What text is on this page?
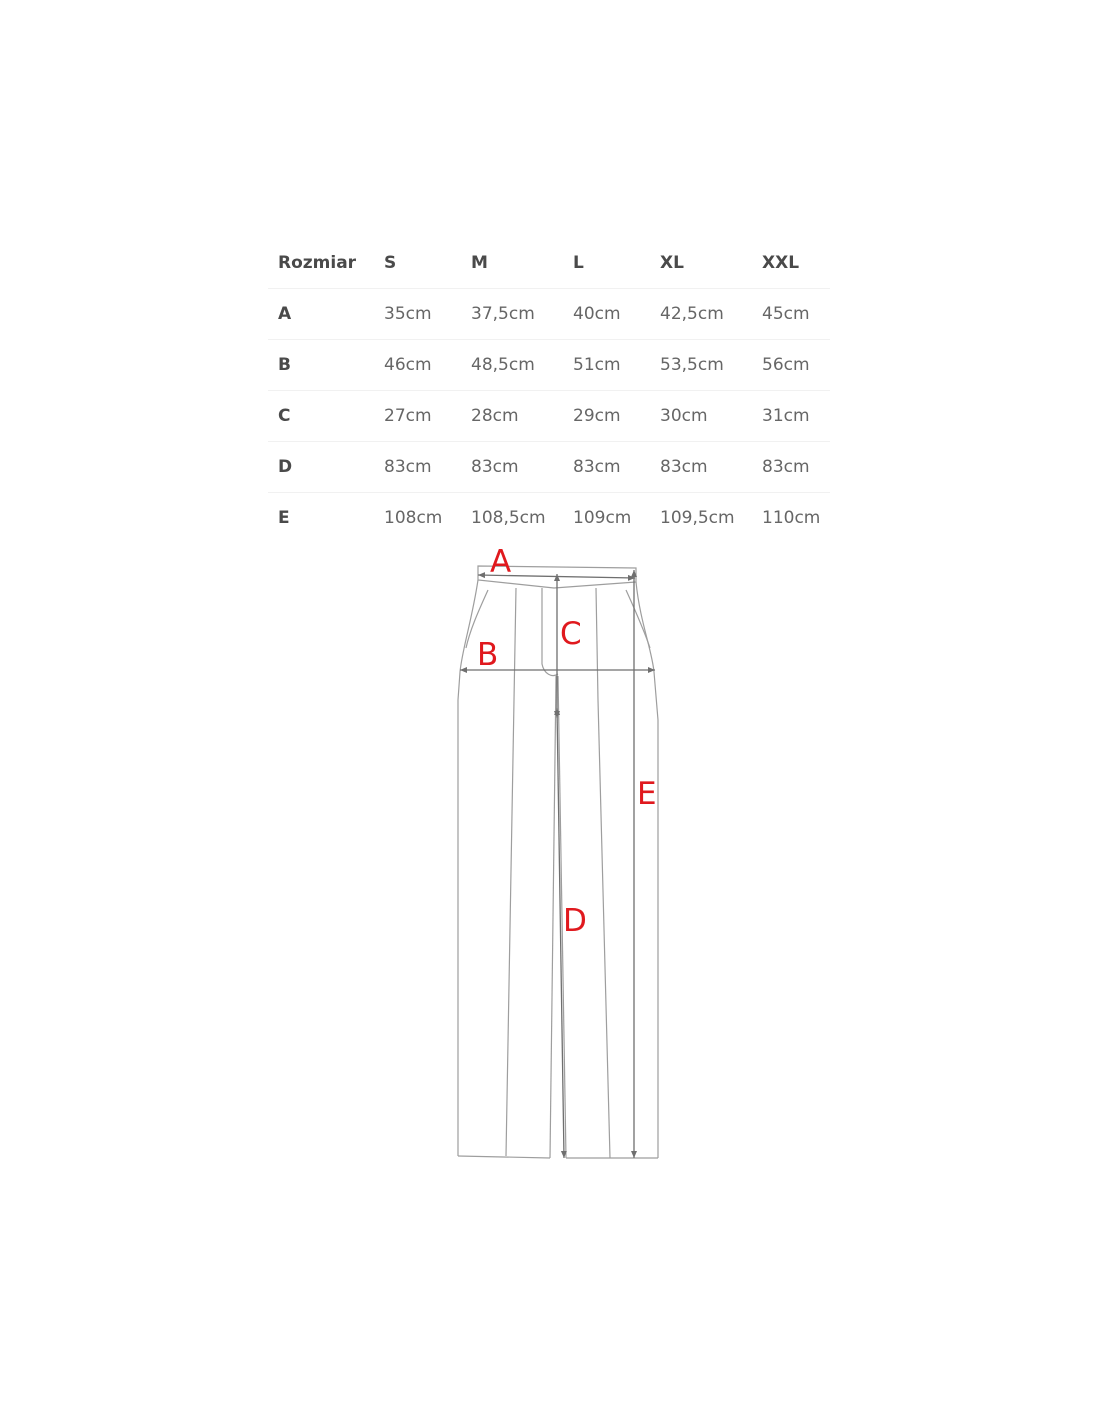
Rozmiar	S	M	L	XL	XXL
A	35cm	37,5cm	40cm	42,5cm	45cm
B	46cm	48,5cm	51cm	53,5cm	56cm
C	27cm	28cm	29cm	30cm	31cm
D	83cm	83cm	83cm	83cm	83cm
E	108cm	108,5cm	109cm	109,5cm	110cm
A
B
C
D
E
